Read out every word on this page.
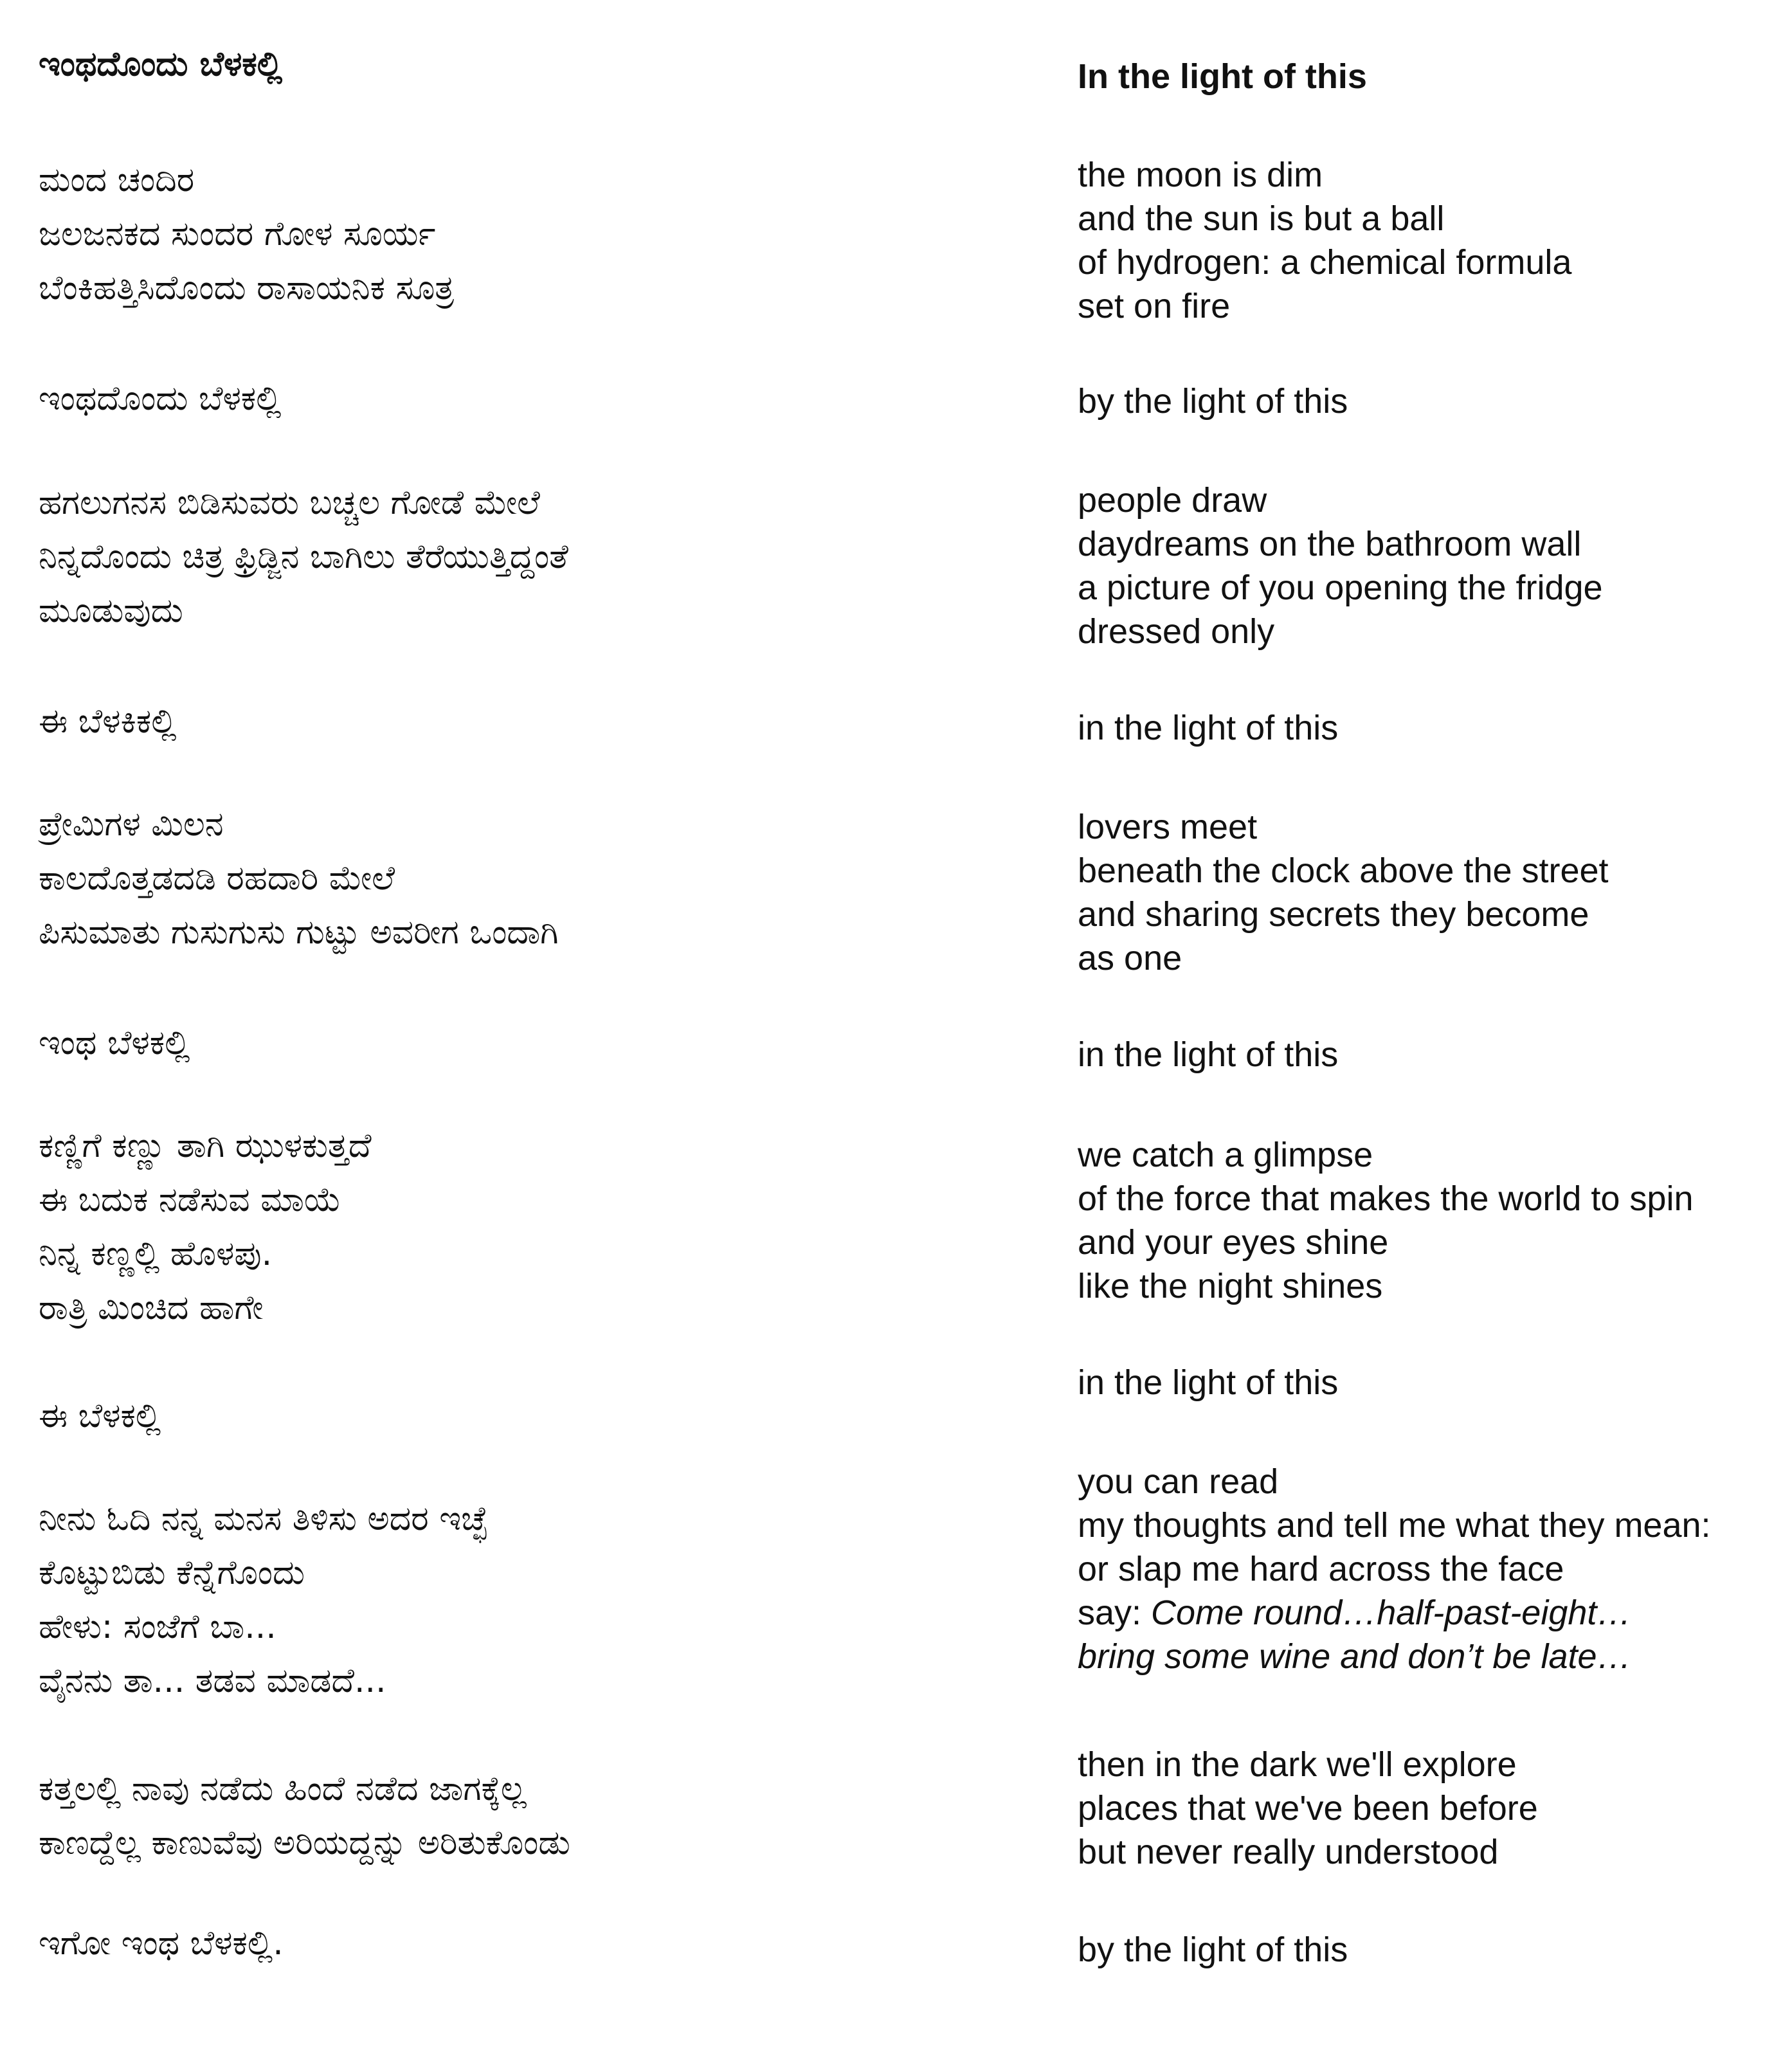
ಇಂಥದೊಂದು ಬೆಳಕಲ್ಲಿ

ಮಂದ ಚಂದಿರ
ಜಲಜನಕದ ಸುಂದರ ಗೋಳ ಸೂರ್ಯ
ಬೆಂಕಿಹತ್ತಿಸಿದೊಂದು ರಾಸಾಯನಿಕ ಸೂತ್ರ

ಇಂಥದೊಂದು ಬೆಳಕಲ್ಲಿ

ಹಗಲುಗನಸ ಬಿಡಿಸುವರು ಬಚ್ಚಲ ಗೋಡೆ ಮೇಲೆ
ನಿನ್ನದೊಂದು ಚಿತ್ರ ಫ್ರಿಡ್ಜಿನ ಬಾಗಿಲು ತೆರೆಯುತ್ತಿದ್ದಂತೆ
ಮೂಡುವುದು

ಈ ಬೆಳಕಿಕಲ್ಲಿ

ಪ್ರೇಮಿಗಳ ಮಿಲನ
ಕಾಲದೊತ್ತಡದಡಿ ರಹದಾರಿ ಮೇಲೆ
ಪಿಸುಮಾತು ಗುಸುಗುಸು ಗುಟ್ಟು ಅವರೀಗ ಒಂದಾಗಿ

ಇಂಥ ಬೆಳಕಲ್ಲಿ

ಕಣ್ಣಿಗೆ ಕಣ್ಣು ತಾಗಿ ಝುಳಕುತ್ತದೆ
ಈ ಬದುಕ ನಡೆಸುವ ಮಾಯೆ
ನಿನ್ನ ಕಣ್ಣಲ್ಲಿ ಹೊಳಪು.
ರಾತ್ರಿ ಮಿಂಚಿದ ಹಾಗೇ

ಈ ಬೆಳಕಲ್ಲಿ

ನೀನು ಓದಿ ನನ್ನ ಮನಸ ತಿಳಿಸು ಅದರ ಇಚ್ಛೆ
ಕೊಟ್ಟುಬಿಡು ಕೆನ್ನೆಗೊಂದು
ಹೇಳು: ಸಂಜೆಗೆ ಬಾ...
ವೈನನು ತಾ... ತಡವ ಮಾಡದೆ...

ಕತ್ತಲಲ್ಲಿ ನಾವು ನಡೆದು ಹಿಂದೆ ನಡೆದ ಜಾಗಕ್ಕೆಲ್ಲ
ಕಾಣದ್ದೆಲ್ಲ ಕಾಣುವೆವು ಅರಿಯದ್ದನ್ನು ಅರಿತುಕೊಂಡು

ಇಗೋ ಇಂಥ ಬೆಳಕಲ್ಲಿ.

In the light of this

the moon is dim
and the sun is but a ball
of hydrogen: a chemical formula
set on fire

by the light of this

people draw
daydreams on the bathroom wall
a picture of you opening the fridge
dressed only

in the light of this

lovers meet
beneath the clock above the street
and sharing secrets they become
as one

in the light of this

we catch a glimpse
of the force that makes the world to spin
and your eyes shine
like the night shines

in the light of this

you can read
my thoughts and tell me what they mean:
or slap me hard across the face
say: Come round…half-past-eight…
bring some wine and don’t be late…

then in the dark we'll explore
places that we've been before
but never really understood

by the light of this
